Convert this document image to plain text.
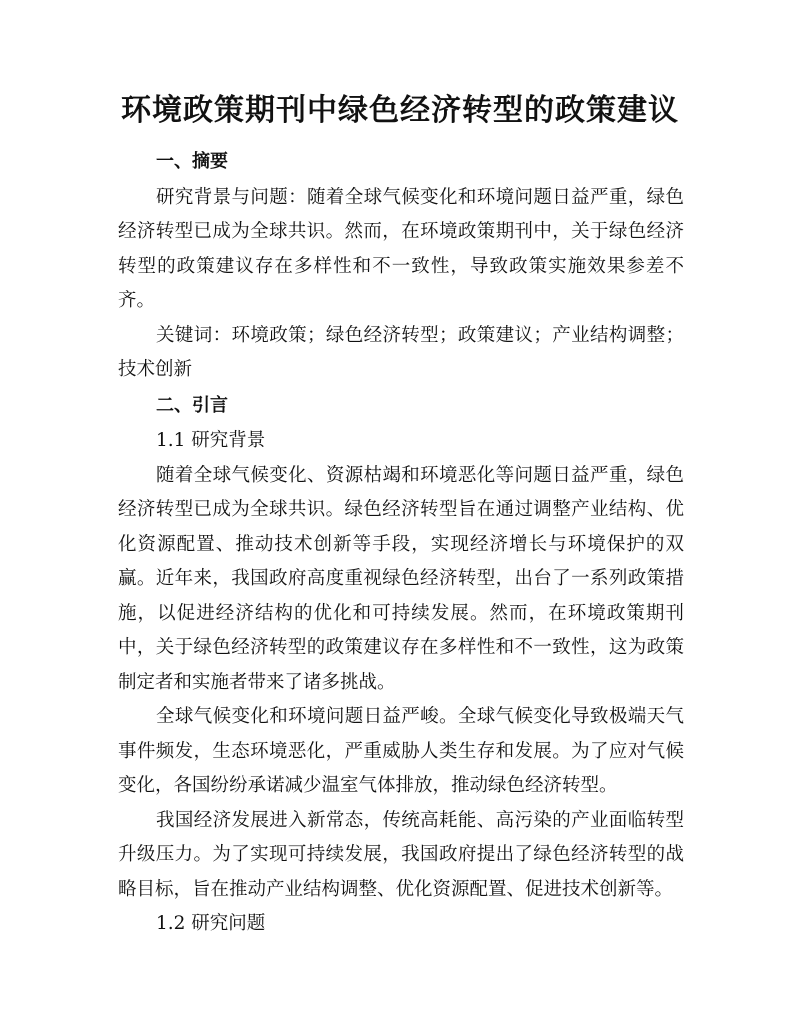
环境政策期刊中绿色经济转型的政策建议
一、摘要

研究背景与问题：随着全球气候变化和环境问题日益严重，绿色经济转型已成为全球共识。然而，在环境政策期刊中，关于绿色经济转型的政策建议存在多样性和不一致性，导致政策实施效果参差不齐。

关键词：环境政策；绿色经济转型；政策建议；产业结构调整；技术创新

二、引言
1.1 研究背景

随着全球气候变化、资源枯竭和环境恶化等问题日益严重，绿色经济转型已成为全球共识。绿色经济转型旨在通过调整产业结构、优化资源配置、推动技术创新等手段，实现经济增长与环境保护的双赢。近年来，我国政府高度重视绿色经济转型，出台了一系列政策措施，以促进经济结构的优化和可持续发展。然而，在环境政策期刊中，关于绿色经济转型的政策建议存在多样性和不一致性，这为政策制定者和实施者带来了诸多挑战。

全球气候变化和环境问题日益严峻。全球气候变化导致极端天气事件频发，生态环境恶化，严重威胁人类生存和发展。为了应对气候变化，各国纷纷承诺减少温室气体排放，推动绿色经济转型。

我国经济发展进入新常态，传统高耗能、高污染的产业面临转型升级压力。为了实现可持续发展，我国政府提出了绿色经济转型的战略目标，旨在推动产业结构调整、优化资源配置、促进技术创新等。

1.2 研究问题
